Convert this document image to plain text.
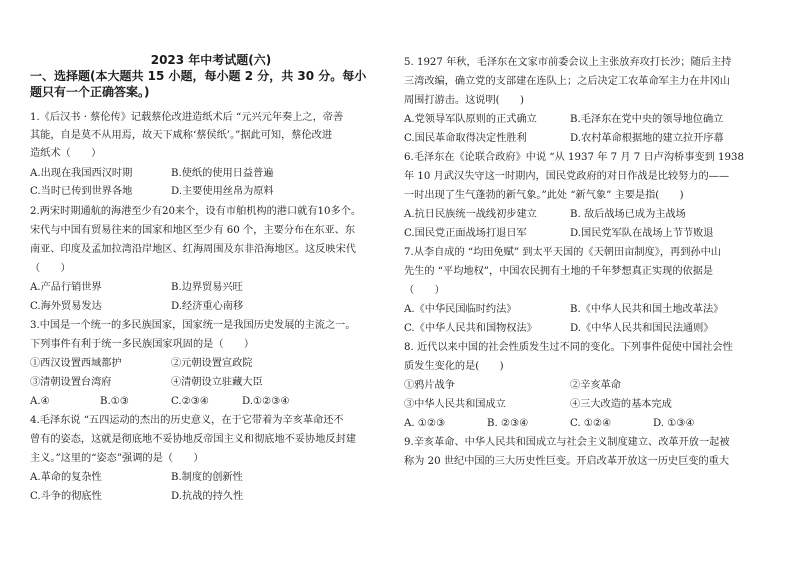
2023 年中考试题(六)
一、选择题(本大题共 15 小题，每小题 2 分，共 30 分。每小
题只有一个正确答案。)
1.《后汉书 · 蔡伦传》记载蔡伦改进造纸术后 “元兴元年奏上之，帝善
其能，自是莫不从用焉，故天下咸称‘蔡侯纸’。”据此可知，蔡伦改进
造纸术（　　）
A.出现在我国西汉时期	B.使纸的使用日益普遍
C.当时已传到世界各地	D.主要使用丝帛为原料
2.两宋时期通航的海港至少有20来个，设有市舶机构的港口就有10多个。
宋代与中国有贸易往来的国家和地区至少有 60 个，主要分布在东亚、东
南亚、印度及孟加拉湾沿岸地区、红海周围及东非沿海地区。这反映宋代
（　　）
A.产品行销世界	B.边界贸易兴旺
C.海外贸易发达	D.经济重心南移
3.中国是一个统一的多民族国家，国家统一是我国历史发展的主流之一。
下列事件有利于统一多民族国家巩固的是（　　）
①西汉设置西域都护	②元朝设置宣政院
③清朝设置台湾府	④清朝设立驻藏大臣
A.④	B.①③	C.②③④	D.①②③④
4.毛泽东说 “五四运动的杰出的历史意义，在于它带着为辛亥革命还不
曾有的姿态，这就是彻底地不妥协地反帝国主义和彻底地不妥协地反封建
主义。”这里的“姿态”强调的是（　　）
A.革命的复杂性	B.制度的创新性
C.斗争的彻底性	D.抗战的持久性
5. 1927 年秋，毛泽东在文家市前委会议上主张放弃攻打长沙；随后主持
三湾改编，确立党的支部建在连队上；之后决定工农革命军主力在井冈山
周围打游击。这说明(　　)
A.党领导军队原则的正式确立	B.毛泽东在党中央的领导地位确立
C.国民革命取得决定性胜利	D.农村革命根据地的建立拉开序幕
6.毛泽东在《论联合政府》中说 “从 1937 年 7 月 7 日卢沟桥事变到 1938
年 10 月武汉失守这一时期内，国民党政府的对日作战是比较努力的——
一时出现了生气蓬勃的新气象。”此处 “新气象” 主要是指(　　)
A.抗日民族统一战线初步建立	B. 敌后战场已成为主战场
C.国民党正面战场打退日军	D.国民党军队在战场上节节败退
7.从李自成的 “均田免赋” 到太平天国的《天朝田亩制度》，再到孙中山
先生的 “平均地权”，中国农民拥有土地的千年梦想真正实现的依据是
（　　）
A.《中华民国临时约法》	B.《中华人民共和国土地改革法》
C.《中华人民共和国物权法》	D.《中华人民共和国民法通则》
8. 近代以来中国的社会性质发生过不同的变化。下列事件促使中国社会性
质发生变化的是(　　)
①鸦片战争	②辛亥革命
③中华人民共和国成立	④三大改造的基本完成
A. ①②③	B. ②③④	C. ①②④	D. ①③④
9.辛亥革命、中华人民共和国成立与社会主义制度建立、改革开放一起被
称为 20 世纪中国的三大历史性巨变。开启改革开放这一历史巨变的重大
